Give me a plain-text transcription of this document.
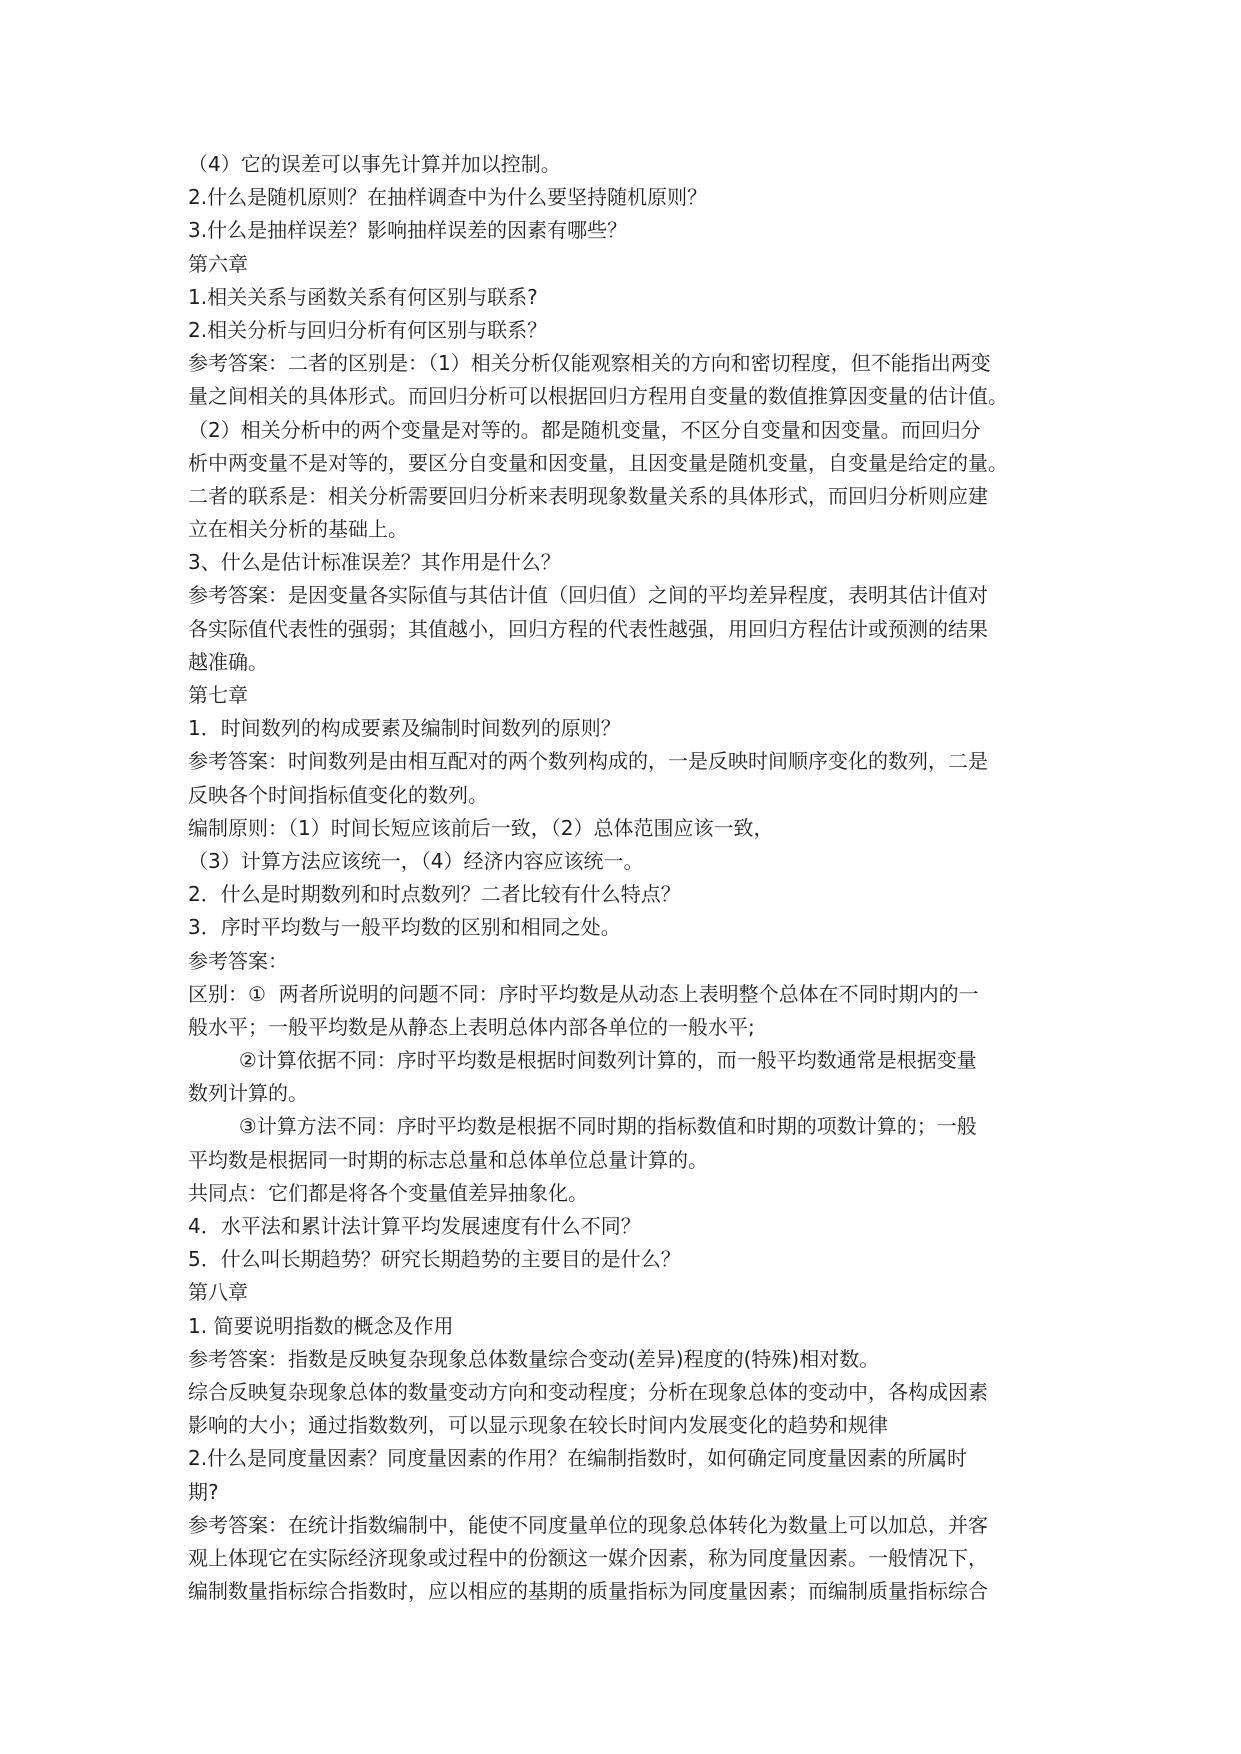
（4）它的误差可以事先计算并加以控制。
2.什么是随机原则？在抽样调查中为什么要坚持随机原则？
3.什么是抽样误差？影响抽样误差的因素有哪些？
第六章
1.相关关系与函数关系有何区别与联系?
2.相关分析与回归分析有何区别与联系？
参考答案：二者的区别是：（1）相关分析仅能观察相关的方向和密切程度，但不能指出两变
量之间相关的具体形式。而回归分析可以根据回归方程用自变量的数值推算因变量的估计值。
（2）相关分析中的两个变量是对等的。都是随机变量，不区分自变量和因变量。而回归分
析中两变量不是对等的，要区分自变量和因变量，且因变量是随机变量，自变量是给定的量。
二者的联系是：相关分析需要回归分析来表明现象数量关系的具体形式，而回归分析则应建
立在相关分析的基础上。
3、什么是估计标准误差？其作用是什么？
参考答案：是因变量各实际值与其估计值（回归值）之间的平均差异程度，表明其估计值对
各实际值代表性的强弱；其值越小，回归方程的代表性越强，用回归方程估计或预测的结果
越准确。
第七章
1．时间数列的构成要素及编制时间数列的原则？
参考答案：时间数列是由相互配对的两个数列构成的，一是反映时间顺序变化的数列，二是
反映各个时间指标值变化的数列。
编制原则：（1）时间长短应该前后一致，（2）总体范围应该一致，
（3）计算方法应该统一，（4）经济内容应该统一。
2．什么是时期数列和时点数列？二者比较有什么特点？
3．序时平均数与一般平均数的区别和相同之处。
参考答案：
区别：①  两者所说明的问题不同：序时平均数是从动态上表明整个总体在不同时期内的一
般水平；一般平均数是从静态上表明总体内部各单位的一般水平;
②计算依据不同：序时平均数是根据时间数列计算的，而一般平均数通常是根据变量
数列计算的。
③计算方法不同：序时平均数是根据不同时期的指标数值和时期的项数计算的；一般
平均数是根据同一时期的标志总量和总体单位总量计算的。
共同点：它们都是将各个变量值差异抽象化。
4．水平法和累计法计算平均发展速度有什么不同？
5．什么叫长期趋势？研究长期趋势的主要目的是什么？
第八章
1. 简要说明指数的概念及作用
参考答案：指数是反映复杂现象总体数量综合变动(差异)程度的(特殊)相对数。
综合反映复杂现象总体的数量变动方向和变动程度；分析在现象总体的变动中，各构成因素
影响的大小；通过指数数列，可以显示现象在较长时间内发展变化的趋势和规律
2.什么是同度量因素？同度量因素的作用？在编制指数时，如何确定同度量因素的所属时
期?
参考答案：在统计指数编制中，能使不同度量单位的现象总体转化为数量上可以加总，并客
观上体现它在实际经济现象或过程中的份额这一媒介因素，称为同度量因素。一般情况下，
编制数量指标综合指数时，应以相应的基期的质量指标为同度量因素；而编制质量指标综合
